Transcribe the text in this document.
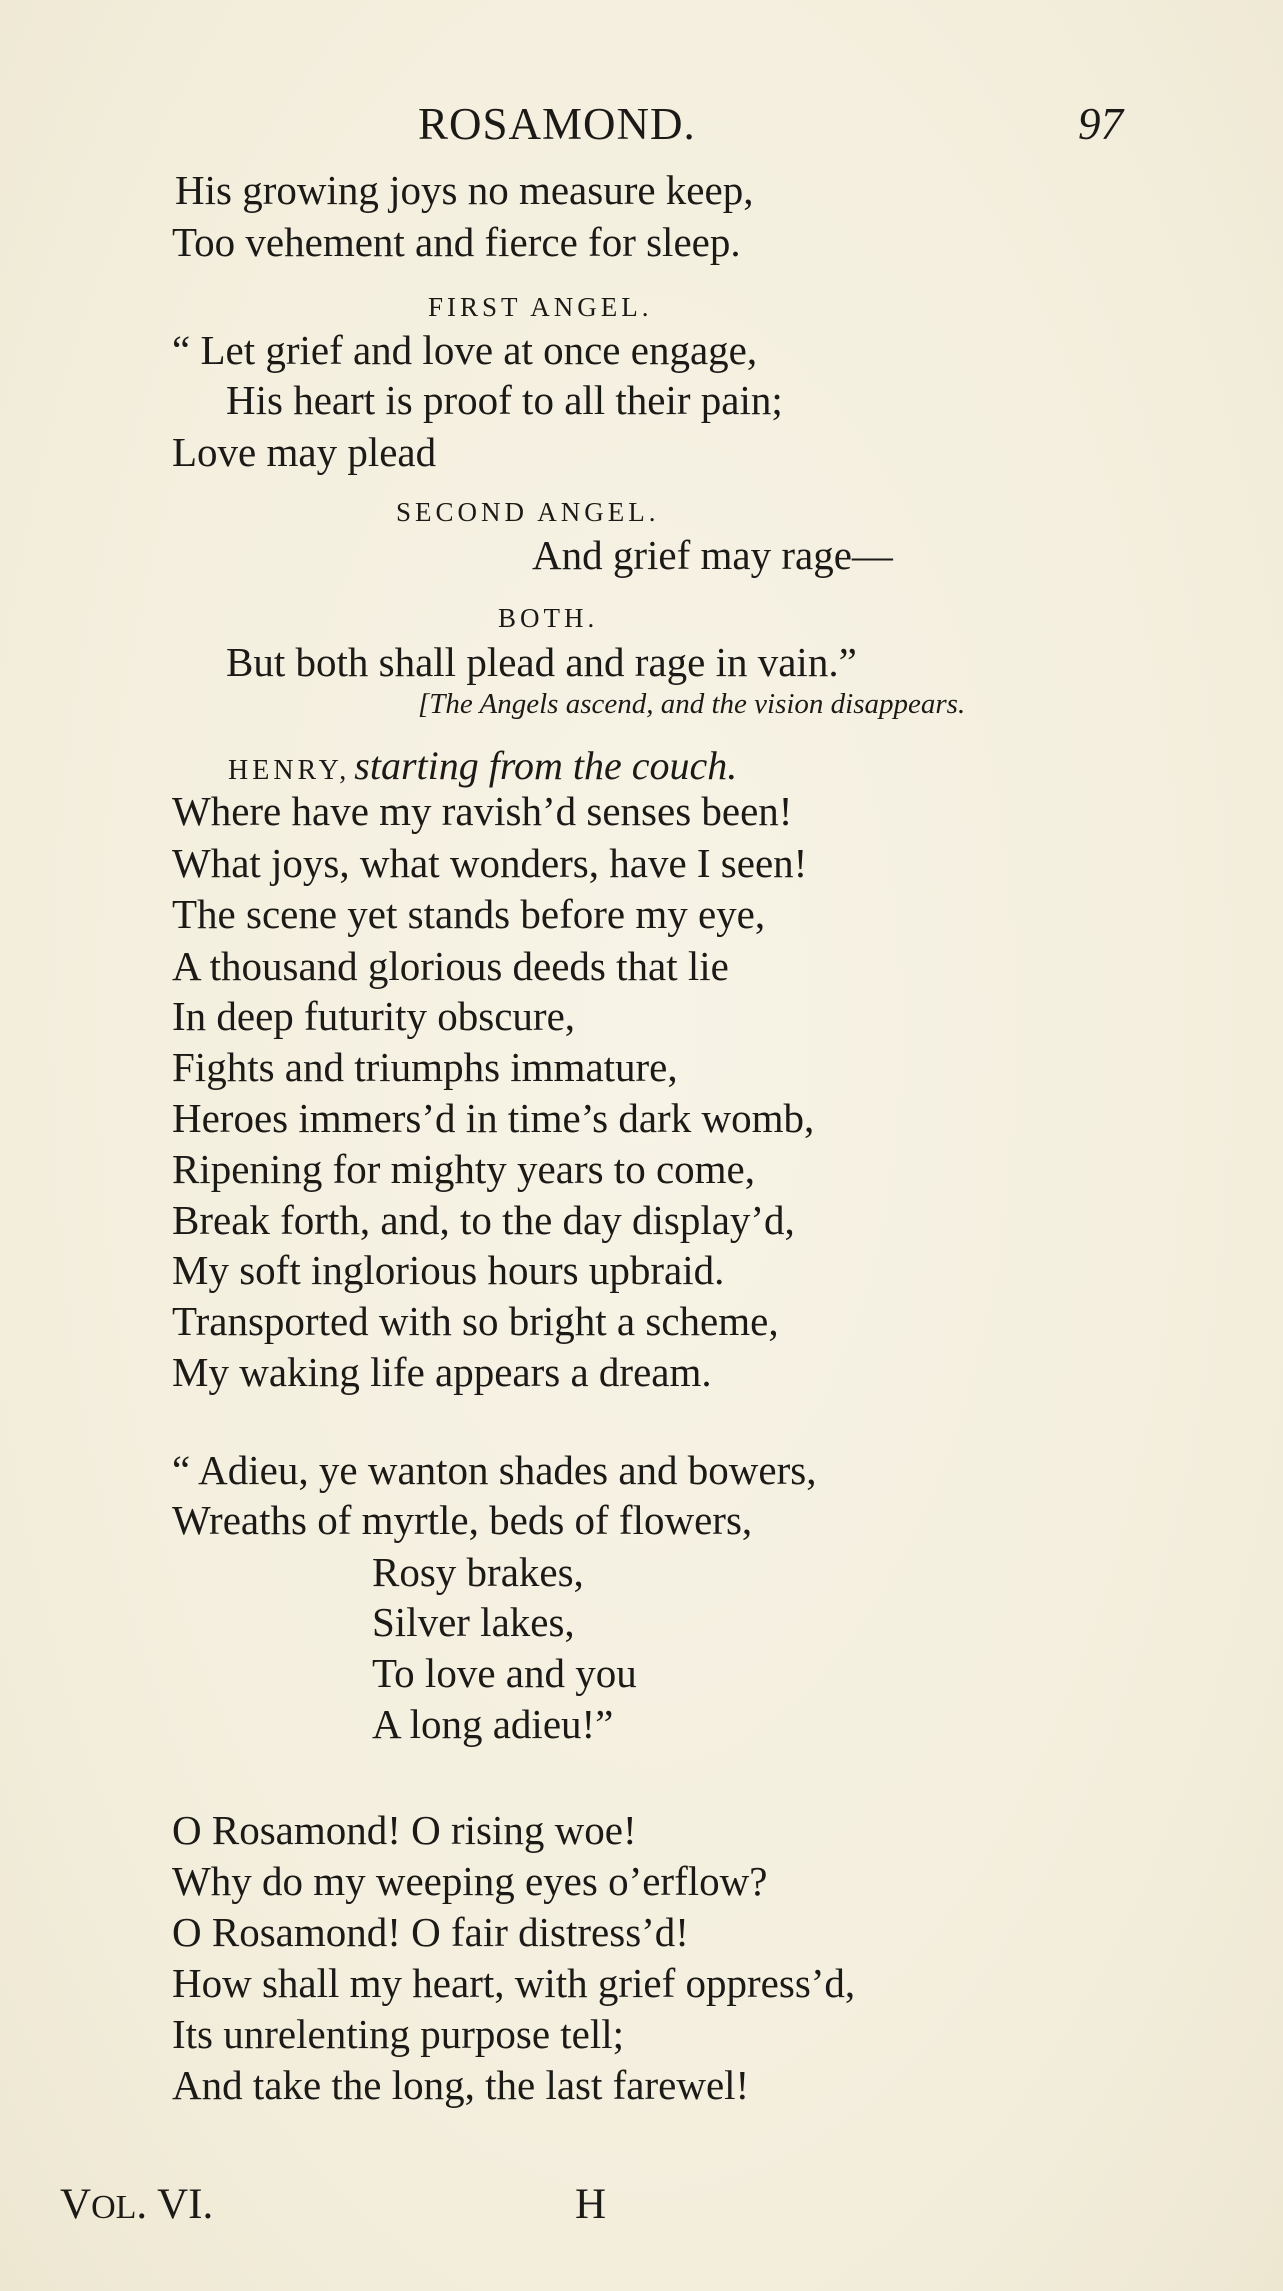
ROSAMOND.	97
His growing joys no measure keep,
Too vehement and fierce for sleep.
FIRST ANGEL.
“ Let grief and love at once engage,
His heart is proof to all their pain;
Love may plead
SECOND ANGEL.
And grief may rage—
BOTH.
But both shall plead and rage in vain.”
[The Angels ascend, and the vision disappears.
HENRY, starting from the couch.
Where have my ravish’d senses been!
What joys, what wonders, have I seen!
The scene yet stands before my eye,
A thousand glorious deeds that lie
In deep futurity obscure,
Fights and triumphs immature,
Heroes immers’d in time’s dark womb,
Ripening for mighty years to come,
Break forth, and, to the day display’d,
My soft inglorious hours upbraid.
Transported with so bright a scheme,
My waking life appears a dream.
“ Adieu, ye wanton shades and bowers,
Wreaths of myrtle, beds of flowers,
Rosy brakes,
Silver lakes,
To love and you
A long adieu!”
O Rosamond! O rising woe!
Why do my weeping eyes o’erflow?
O Rosamond! O fair distress’d!
How shall my heart, with grief oppress’d,
Its unrelenting purpose tell;
And take the long, the last farewel!
VOL. VI.	H
